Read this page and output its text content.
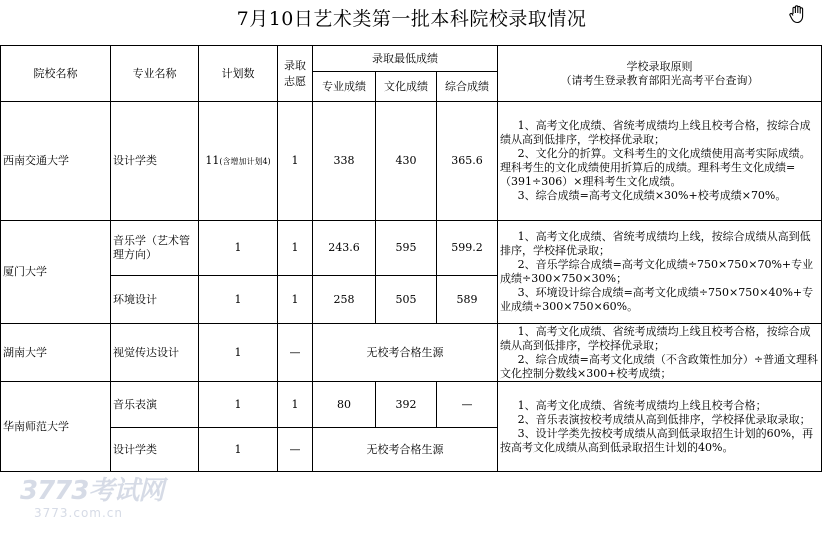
7月10日艺术类第一批本科院校录取情况
院校名称	专业名称	计划数	录取志愿	录取最低成绩			学校录取原则
（请考生登录教育部阳光高考平台查询）

				专业成绩	文化成绩	综合成绩	
西南交通大学	设计学类	11(含增加计划4)	1	338	430	365.6	1、高考文化成绩、省统考成绩均上线且校考合格，按综合成绩从高到低排序，学校择优录取；

2、文化分的折算。文科考生的文化成绩使用高考实际成绩。理科考生的文化成绩使用折算后的成绩。理科考生文化成绩=（391÷306）×理科考生文化成绩。

3、综合成绩=高考文化成绩×30%+校考成绩×70%。

厦门大学	音乐学（艺术管理方向）	1	1	243.6	595	599.2	1、高考文化成绩、省统考成绩均上线，按综合成绩从高到低排序，学校择优录取；

2、音乐学综合成绩=高考文化成绩÷750×750×70%+专业成绩÷300×750×30%；

3、环境设计综合成绩=高考文化成绩÷750×750×40%+专业成绩÷300×750×60%。

	环境设计	1	1	258	505	589	
湖南大学	视觉传达设计	1	—	无校考合格生源			1、高考文化成绩、省统考成绩均上线且校考合格，按综合成绩从高到低排序，学校择优录取；

2、综合成绩=高考文化成绩（不含政策性加分）÷普通文理科文化控制分数线×300+校考成绩；

华南师范大学	音乐表演	1	1	80	392	—	1、高考文化成绩、省统考成绩均上线且校考合格；

2、音乐表演按校考成绩从高到低排序，学校择优录取录取；

3、设计学类先按校考成绩从高到低录取招生计划的60%，再按高考文化成绩从高到低录取招生计划的40%。

	设计学类	1	—	无校考合格生源			
3773考试网
3773.com.cn
